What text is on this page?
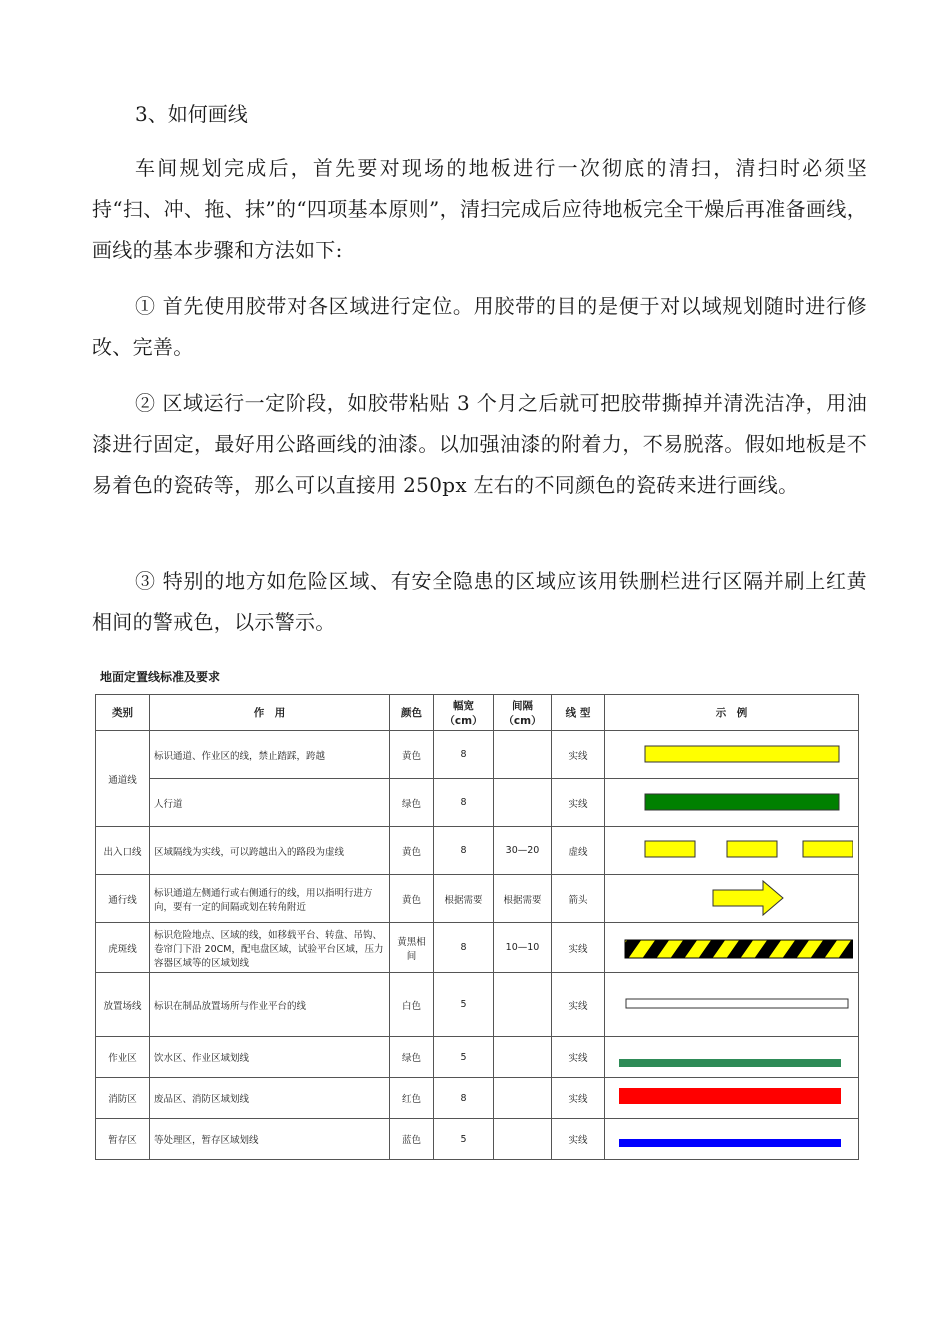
3、如何画线

车间规划完成后，首先要对现场的地板进行一次彻底的清扫，清扫时必须坚持“扫、冲、拖、抹”的“四项基本原则”，清扫完成后应待地板完全干燥后再准备画线，画线的基本步骤和方法如下:

① 首先使用胶带对各区域进行定位。用胶带的目的是便于对以域规划随时进行修改、完善。

② 区域运行一定阶段，如胶带粘贴 3 个月之后就可把胶带撕掉并清洗洁净，用油漆进行固定，最好用公路画线的油漆。以加强油漆的附着力，不易脱落。假如地板是不易着色的瓷砖等，那么可以直接用 250px 左右的不同颜色的瓷砖来进行画线。

③ 特别的地方如危险区域、有安全隐患的区域应该用铁删栏进行区隔并刷上红黄相间的警戒色，以示警示。

地面定置线标准及要求
类别	作　用	颜色	幅宽（cm）	间隔（cm）	线 型	示　例
通道线	标识通道、作业区的线，禁止踏踩，跨越	黄色	8		实线	
	人行道	绿色	8		实线	
出入口线	区域隔线为实线，可以跨越出入的路段为虚线	黄色	8	30—20	虚线	
通行线	标识通道左侧通行或右侧通行的线，用以指明行进方向，要有一定的间隔或划在转角附近	黄色	根据需要	根据需要	箭头	
虎斑线	标识危险地点、区域的线，如移载平台、转盘、吊钩、卷帘门下沿 20CM，配电盘区域，试验平台区域，压力容器区域等的区域划线	黄黑相间	8	10—10	实线	
放置场线	标识在制品放置场所与作业平台的线	白色	5		实线	
作业区	饮水区、作业区域划线	绿色	5		实线	
消防区	废品区、消防区域划线	红色	8		实线	
暂存区	等处理区，暂存区域划线	蓝色	5		实线	
